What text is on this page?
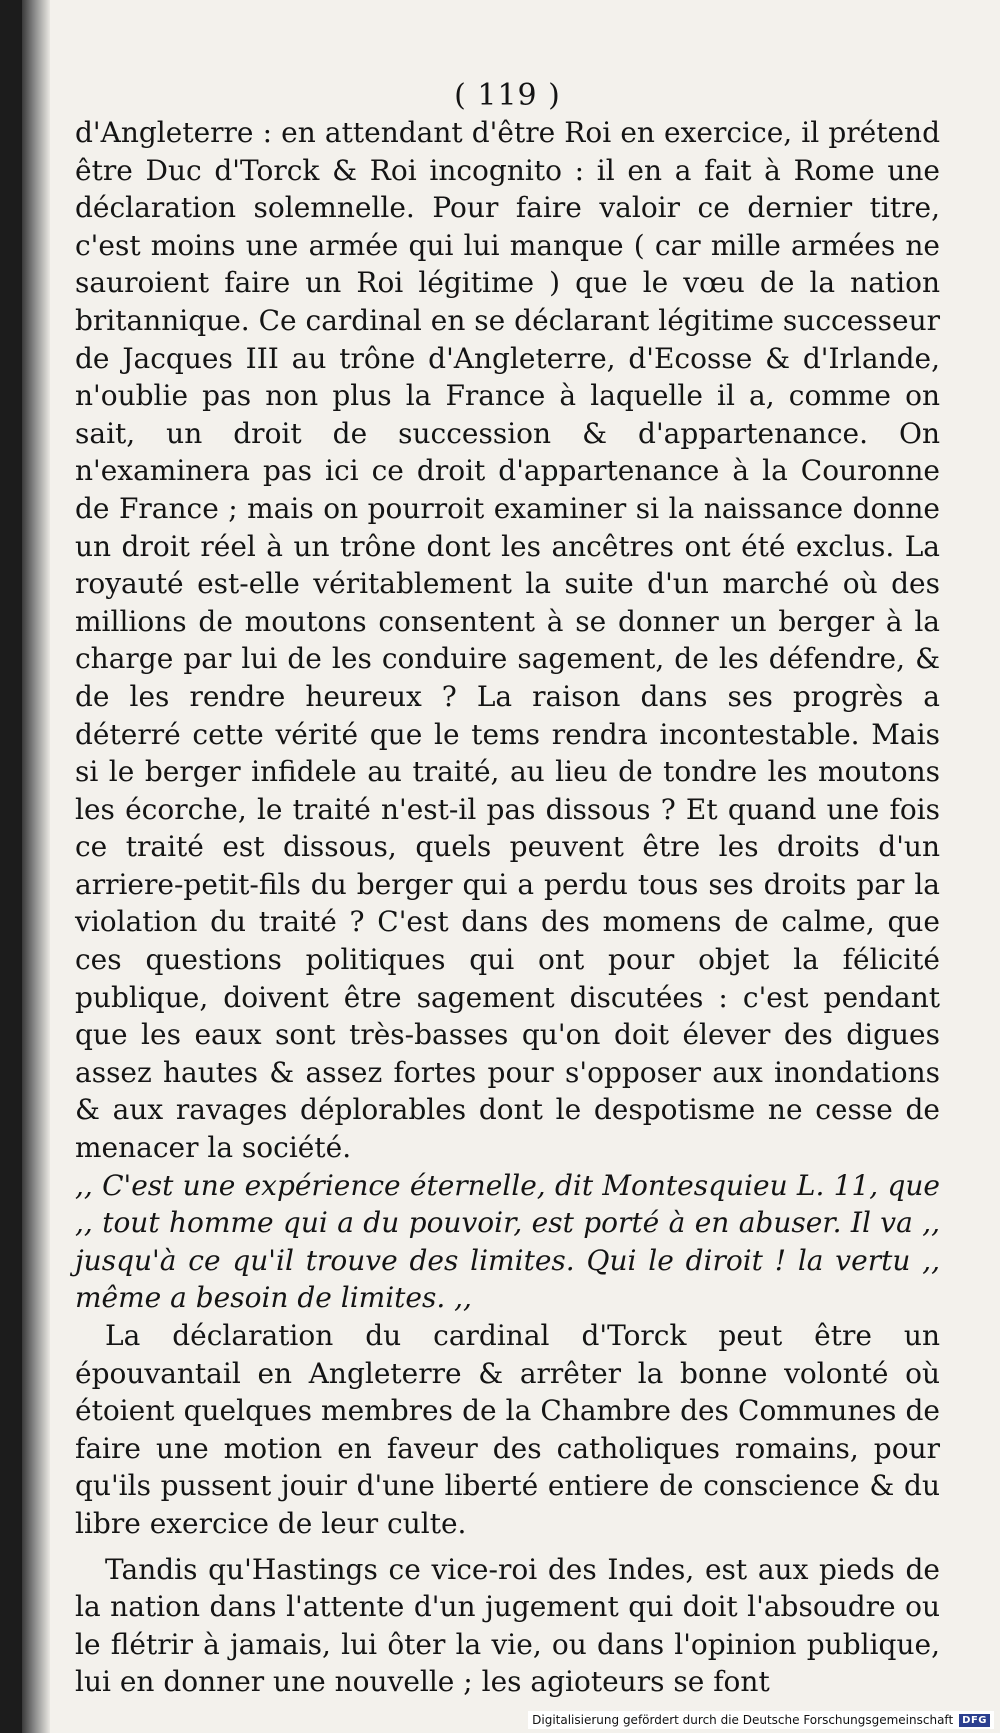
( 119 )

d'Angleterre : en attendant d'être Roi en exercice, il prétend être Duc d'Torck & Roi incognito : il en a fait à Rome une déclaration solemnelle. Pour faire valoir ce dernier titre, c'est moins une armée qui lui manque ( car mille armées ne sauroient faire un Roi légitime ) que le vœu de la nation britannique. Ce cardinal en se déclarant légitime successeur de Jacques III au trône d'Angleterre, d'Ecosse & d'Irlande, n'oublie pas non plus la France à laquelle il a, comme on sait, un droit de succession & d'appartenance. On n'examinera pas ici ce droit d'appartenance à la Couronne de France ; mais on pourroit examiner si la naissance donne un droit réel à un trône dont les ancêtres ont été exclus. La royauté est-elle véritablement la suite d'un marché où des millions de moutons consentent à se donner un berger à la charge par lui de les conduire sagement, de les défendre, & de les rendre heureux ? La raison dans ses progrès a déterré cette vérité que le tems rendra incontestable. Mais si le berger infidele au traité, au lieu de tondre les moutons les écorche, le traité n'est-il pas dissous ? Et quand une fois ce traité est dissous, quels peuvent être les droits d'un arriere-petit-fils du berger qui a perdu tous ses droits par la violation du traité ? C'est dans des momens de calme, que ces questions politiques qui ont pour objet la félicité publique, doivent être sagement discutées : c'est pendant que les eaux sont très-basses qu'on doit élever des digues assez hautes & assez fortes pour s'opposer aux inondations & aux ravages déplorables dont le despotisme ne cesse de menacer la société.

,, C'est une expérience éternelle, dit Montesquieu L. 11, que ,, tout homme qui a du pouvoir, est porté à en abuser. Il va ,, jusqu'à ce qu'il trouve des limites. Qui le diroit ! la vertu ,, même a besoin de limites. ,,

La déclaration du cardinal d'Torck peut être un épouvantail en Angleterre & arrêter la bonne volonté où étoient quelques membres de la Chambre des Communes de faire une motion en faveur des catholiques romains, pour qu'ils pussent jouir d'une liberté entiere de conscience & du libre exercice de leur culte.

Tandis qu'Hastings ce vice-roi des Indes, est aux pieds de la nation dans l'attente d'un jugement qui doit l'absoudre ou le flétrir à jamais, lui ôter la vie, ou dans l'opinion publique, lui en donner une nouvelle ; les agioteurs se font

Digitalisierung gefördert durch die Deutsche Forschungsgemeinschaft DFG
